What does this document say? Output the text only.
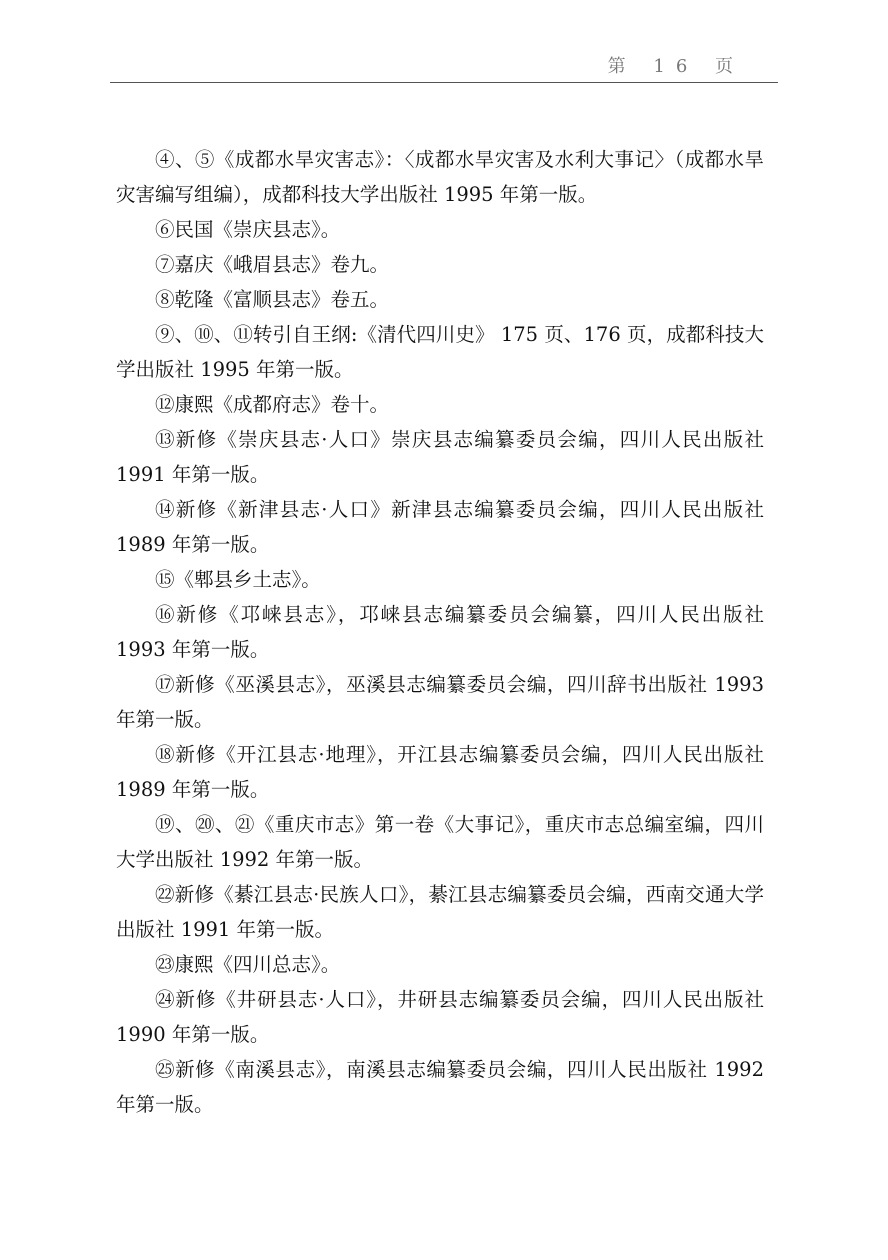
第 16 页

④、⑤《成都水旱灾害志》：〈成都水旱灾害及水利大事记〉（成都水旱灾害编写组编），成都科技大学出版社 1995 年第一版。

⑥民国《崇庆县志》。

⑦嘉庆《峨眉县志》卷九。

⑧乾隆《富顺县志》卷五。

⑨、⑩、⑪转引自王纲:《清代四川史》 175 页、176 页，成都科技大学出版社 1995 年第一版。

⑫康熙《成都府志》卷十。

⑬新修《崇庆县志·人口》崇庆县志编纂委员会编，四川人民出版社 1991 年第一版。

⑭新修《新津县志·人口》新津县志编纂委员会编，四川人民出版社 1989 年第一版。

⑮《郫县乡土志》。

⑯新修《邛崃县志》，邛崃县志编纂委员会编纂，四川人民出版社 1993 年第一版。

⑰新修《巫溪县志》，巫溪县志编纂委员会编，四川辞书出版社 1993 年第一版。

⑱新修《开江县志·地理》，开江县志编纂委员会编，四川人民出版社 1989 年第一版。

⑲、⑳、㉑《重庆市志》第一卷《大事记》，重庆市志总编室编，四川大学出版社 1992 年第一版。

㉒新修《綦江县志·民族人口》，綦江县志编纂委员会编，西南交通大学出版社 1991 年第一版。

㉓康熙《四川总志》。

㉔新修《井研县志·人口》，井研县志编纂委员会编，四川人民出版社 1990 年第一版。

㉕新修《南溪县志》，南溪县志编纂委员会编，四川人民出版社 1992 年第一版。
